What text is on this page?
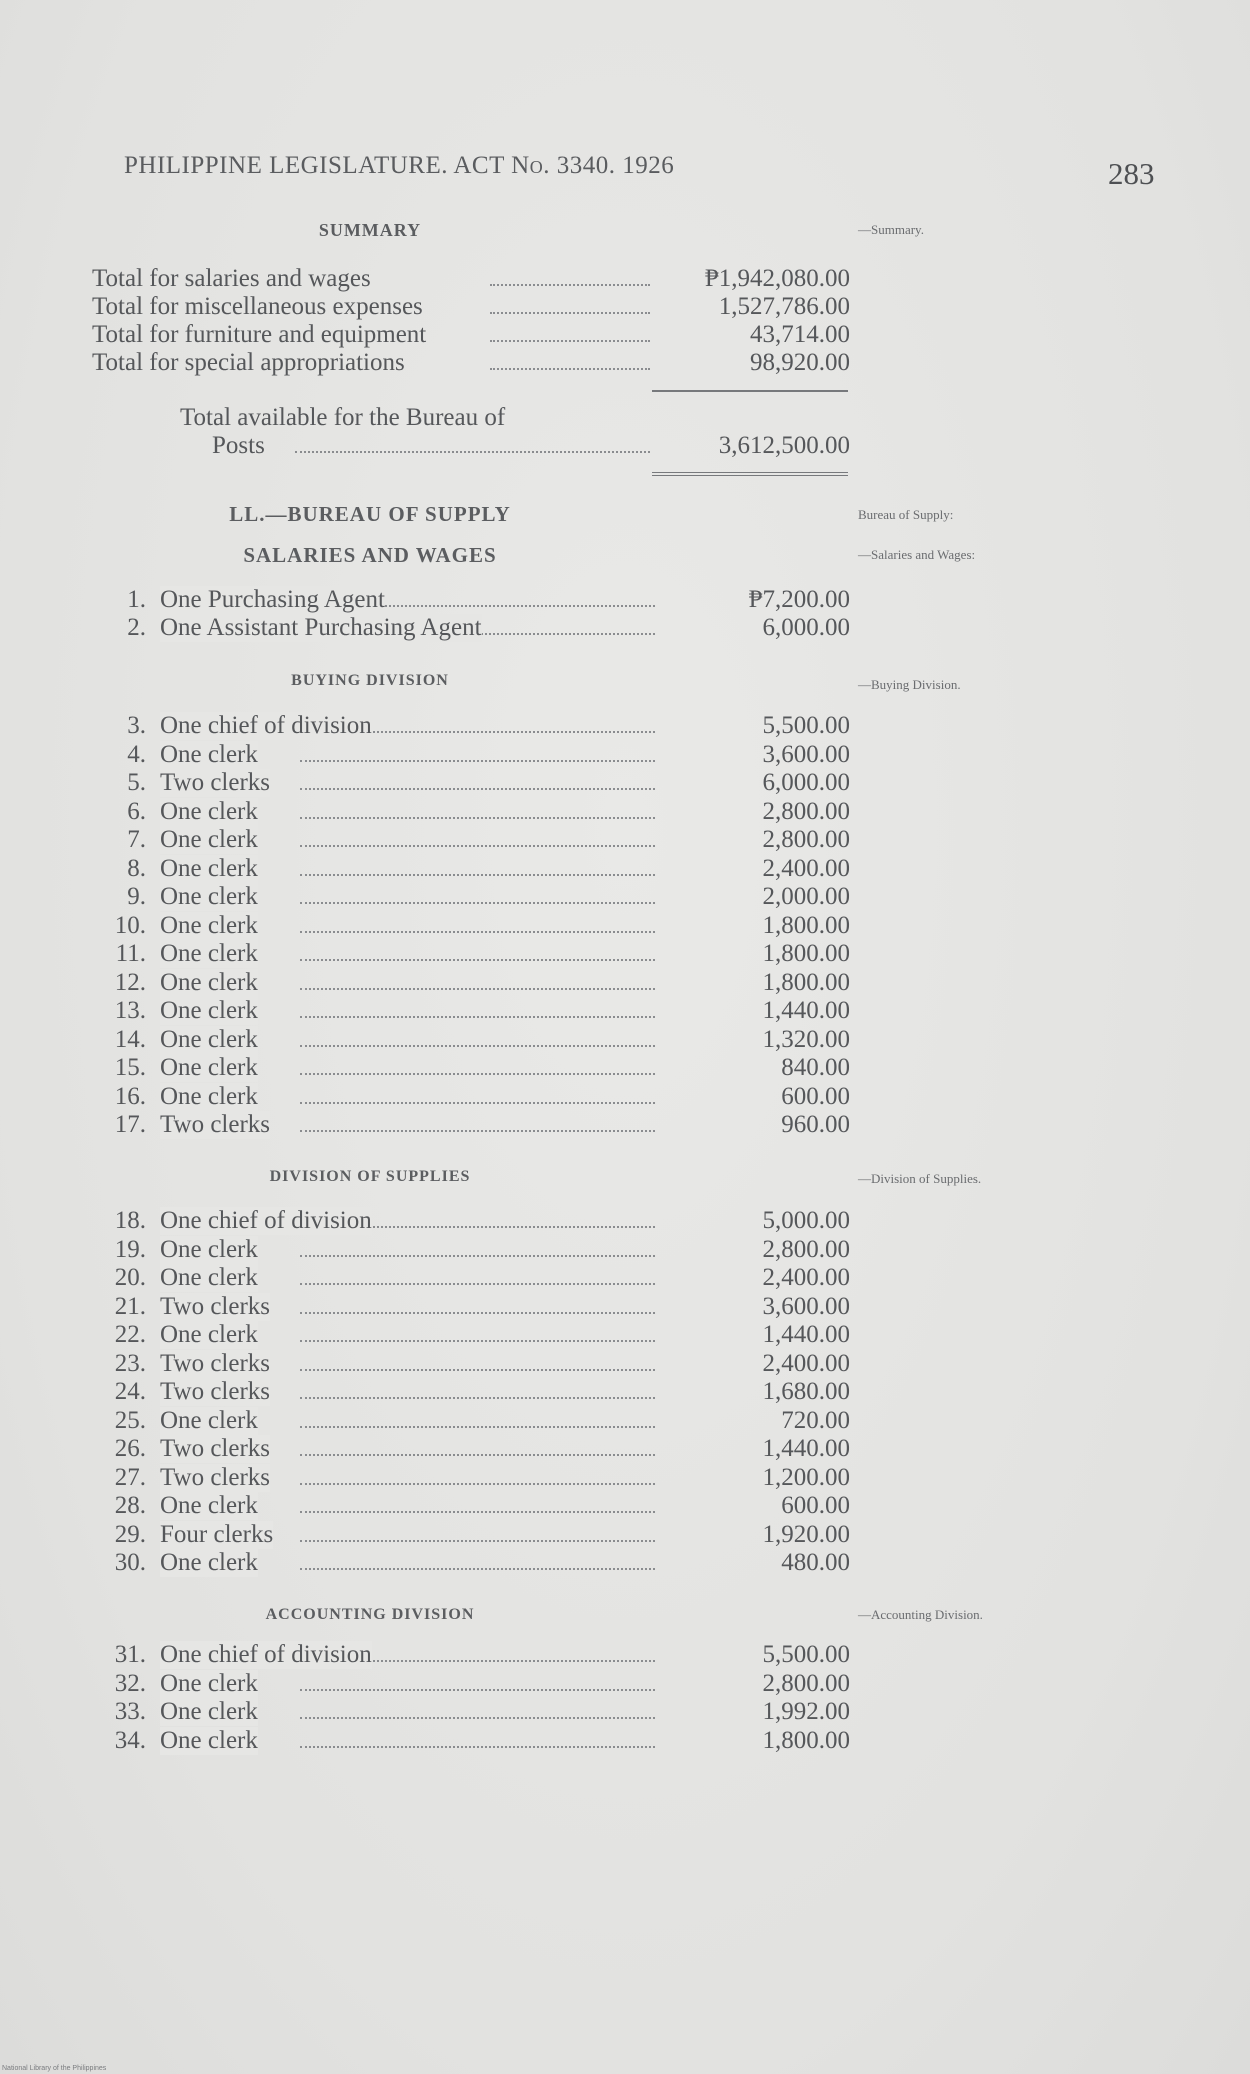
PHILIPPINE LEGISLATURE. ACT No. 3340. 1926	283
SUMMARY	—Summary.
Total for salaries and wages	₱1,942,080.00
Total for miscellaneous expenses	1,527,786.00
Total for furniture and equipment	43,714.00
Total for special appropriations	98,920.00
Total available for the Bureau of
Posts	3,612,500.00
LL.—BUREAU OF SUPPLY	Bureau of Supply:
SALARIES AND WAGES	—Salaries and Wages:
1. One Purchasing Agent	₱7,200.00
2. One Assistant Purchasing Agent	6,000.00
BUYING DIVISION	—Buying Division.
3. One chief of division	5,500.00
4. One clerk	3,600.00
5. Two clerks	6,000.00
6. One clerk	2,800.00
7. One clerk	2,800.00
8. One clerk	2,400.00
9. One clerk	2,000.00
10. One clerk	1,800.00
11. One clerk	1,800.00
12. One clerk	1,800.00
13. One clerk	1,440.00
14. One clerk	1,320.00
15. One clerk	840.00
16. One clerk	600.00
17. Two clerks	960.00
DIVISION OF SUPPLIES	—Division of Supplies.
18. One chief of division	5,000.00
19. One clerk	2,800.00
20. One clerk	2,400.00
21. Two clerks	3,600.00
22. One clerk	1,440.00
23. Two clerks	2,400.00
24. Two clerks	1,680.00
25. One clerk	720.00
26. Two clerks	1,440.00
27. Two clerks	1,200.00
28. One clerk	600.00
29. Four clerks	1,920.00
30. One clerk	480.00
ACCOUNTING DIVISION	—Accounting Division.
31. One chief of division	5,500.00
32. One clerk	2,800.00
33. One clerk	1,992.00
34. One clerk	1,800.00
National Library of the Philippines
